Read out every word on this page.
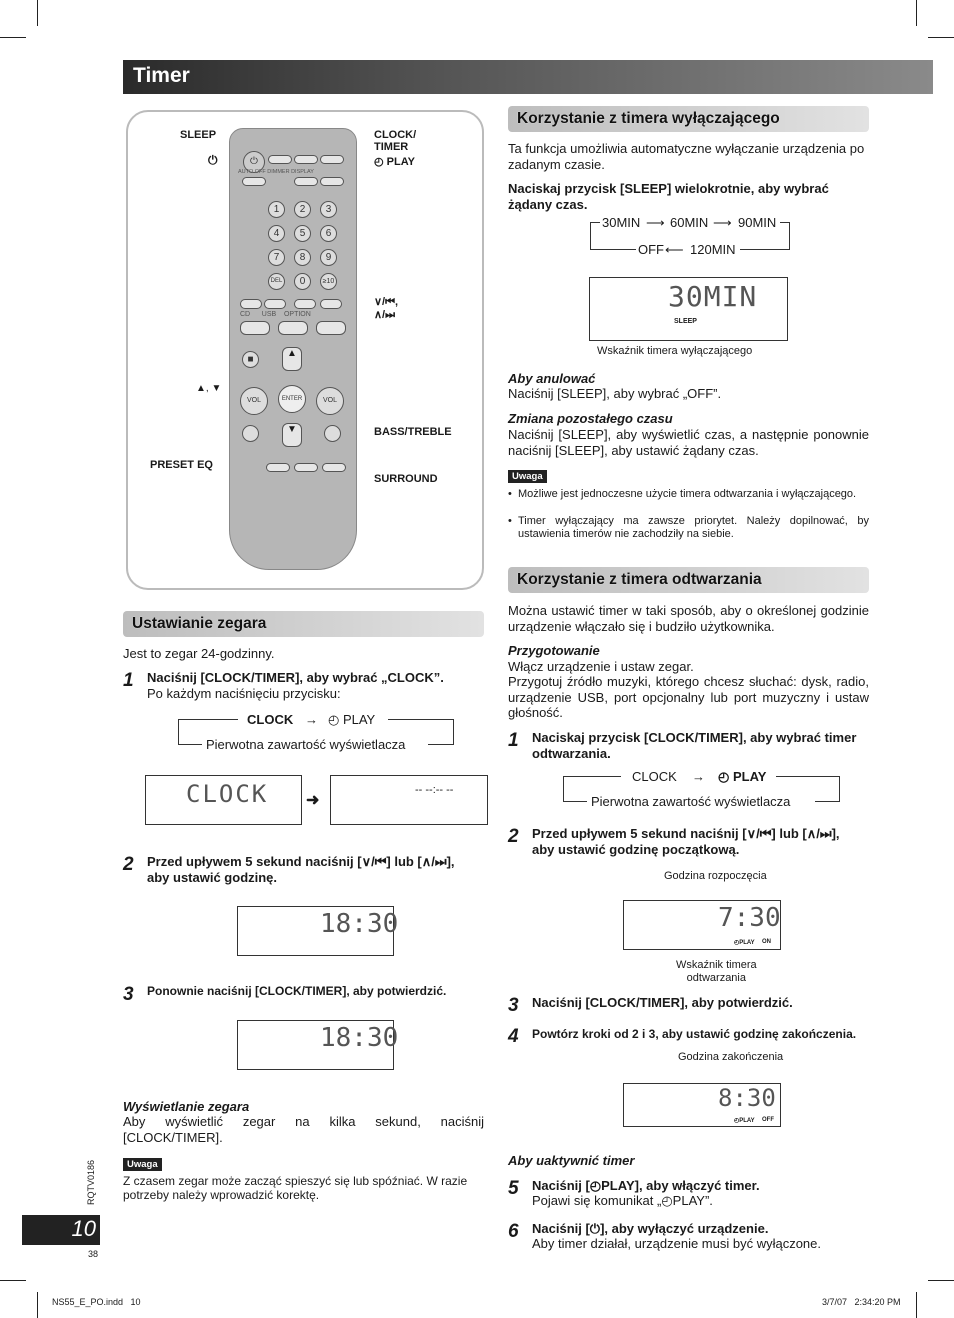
Timer
⏻
AUTO OFF DIMMER DISPLAY
1	2	3
4	5	6
7	8	9
DEL	0	≥10
CD      USB    OPTION
■
▲
VOL	ENTER	VOL
▼
SLEEP
⏻
CLOCK/
TIMER
◴ PLAY
∨/⏮,
∧/⏭
▲, ▼
BASS/TREBLE
PRESET EQ
SURROUND
Ustawianie zegara
Jest to zegar 24-godzinny.
1 Naciśnij [CLOCK/TIMER], aby wybrać „CLOCK”.
Po każdym naciśnięciu przycisku:
CLOCK → ◴ PLAY
Pierwotna zawartość wyświetlacza
CLOCK ➜
-- --:-- --
2 Przed upływem 5 sekund naciśnij [∨/⏮] lub [∧/⏭], aby ustawić godzinę.
18:30
3 Ponownie naciśnij [CLOCK/TIMER], aby potwierdzić.
18:30
Wyświetlanie zegara
Aby wyświetlić zegar na kilka sekund, naciśnij [CLOCK/TIMER].
Uwaga
Z czasem zegar może zacząć spieszyć się lub spóźniać. W razie potrzeby należy wprowadzić korektę.
Korzystanie z timera wyłączającego
Ta funkcja umożliwia automatyczne wyłączanie urządzenia po zadanym czasie.
Naciskaj przycisk [SLEEP] wielokrotnie, aby wybrać żądany czas.
30MIN ⟶ 60MIN ⟶ 90MIN
OFF ⟵ 120MIN
30MIN
SLEEP
Wskaźnik timera wyłączającego
Aby anulować
Naciśnij [SLEEP], aby wybrać „OFF”.
Zmiana pozostałego czasu
Naciśnij [SLEEP], aby wyświetlić czas, a następnie ponownie naciśnij [SLEEP], aby ustawić żądany czas.
Uwaga
• Możliwe jest jednoczesne użycie timera odtwarzania i wyłączającego.
• Timer wyłączający ma zawsze priorytet. Należy dopilnować, by ustawienia timerów nie zachodziły na siebie.
Korzystanie z timera odtwarzania
Można ustawić timer w taki sposób, aby o określonej godzinie urządzenie włączało się i budziło użytkownika.
Przygotowanie
Włącz urządzenie i ustaw zegar.
Przygotuj źródło muzyki, którego chcesz słuchać: dysk, radio, urządzenie USB, port opcjonalny lub port muzyczny i ustaw głośność.
1 Naciskaj przycisk [CLOCK/TIMER], aby wybrać timer odtwarzania.
CLOCK → ◴ PLAY
Pierwotna zawartość wyświetlacza
2 Przed upływem 5 sekund naciśnij [∨/⏮] lub [∧/⏭], aby ustawić godzinę początkową.
Godzina rozpoczęcia
7:30
◴PLAY ON
Wskaźnik timera
odtwarzania
3 Naciśnij [CLOCK/TIMER], aby potwierdzić.
4 Powtórz kroki od 2 i 3, aby ustawić godzinę zakończenia.
Godzina zakończenia
8:30
◴PLAY OFF
Aby uaktywnić timer
5 Naciśnij [◴PLAY], aby włączyć timer.
Pojawi się komunikat „◴PLAY”.
6 Naciśnij [⏻], aby wyłączyć urządzenie.
Aby timer działał, urządzenie musi być wyłączone.
RQTV0186
10
38
NS55_E_PO.indd   10	3/7/07   2:34:20 PM
